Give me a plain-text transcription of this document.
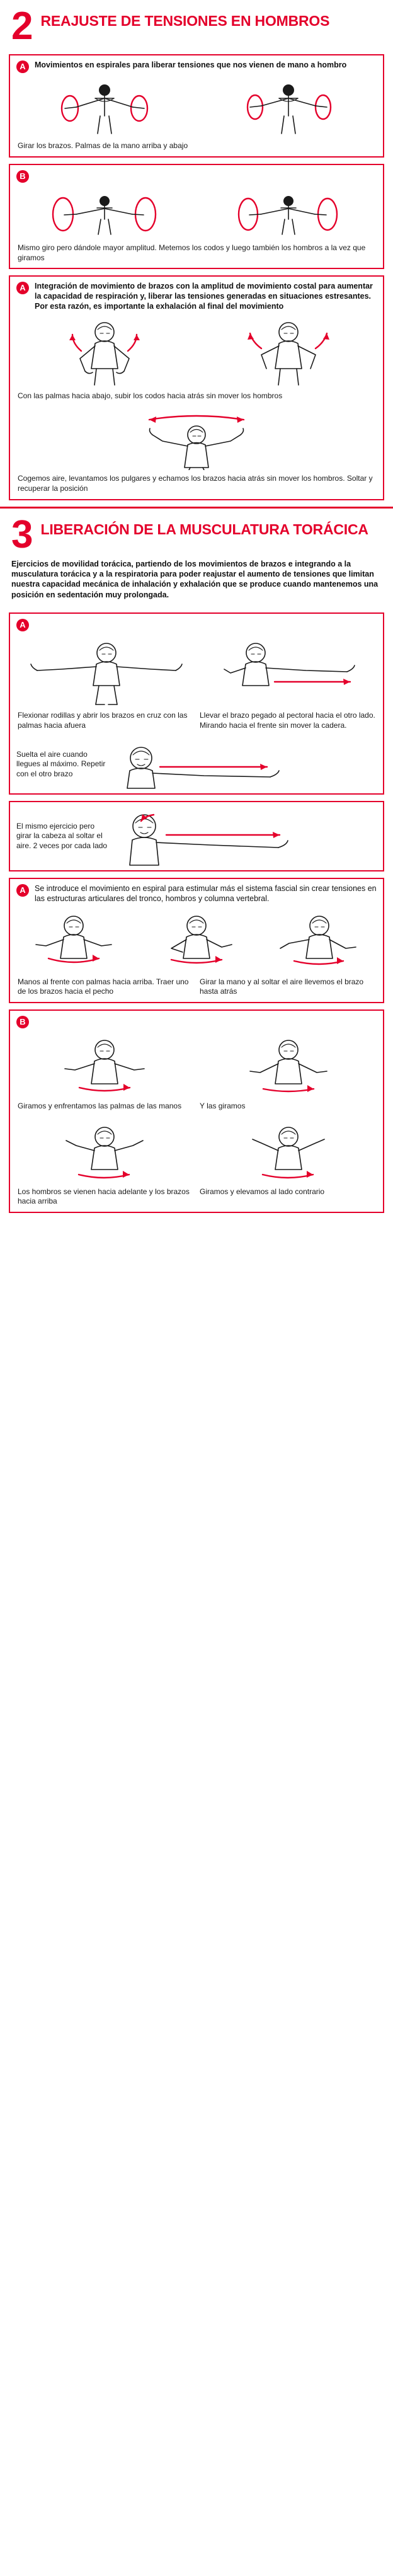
2 REAJUSTE DE TENSIONES EN HOMBROS
A	Movimientos en espirales para liberar tensiones que nos vienen de mano a hombro
Girar los brazos. Palmas de la mano arriba y abajo
B
Mismo giro pero dándole mayor amplitud. Metemos los codos y luego también los hombros a la vez que giramos
A	Integración de movimiento de brazos con la amplitud de movimiento costal para aumentar la capacidad de respiración y, liberar las tensiones generadas en situaciones estresantes. Por esta razón, es importante la exhalación al final del movimiento
Con las palmas hacia abajo, subir los codos hacia atrás sin mover los hombros
Cogemos aire, levantamos los pulgares y echamos los brazos hacia atrás sin mover los hombros. Soltar y recuperar la posición
3 LIBERACIÓN DE LA MUSCULATURA TORÁCICA
Ejercicios de movilidad torácica, partiendo de los movimientos de brazos e integrando a la musculatura torácica y a la respiratoria para poder reajustar el aumento de tensiones que limitan nuestra capacidad mecánica de inhalación y exhalación que se produce cuando mantenemos una posición en sedentación muy prolongada.
A
Flexionar rodillas y abrir los brazos en cruz con las palmas hacia afuera
Llevar el brazo pegado al pectoral hacia el otro lado. Mirando hacia el frente sin mover la cadera.
Suelta el aire cuando llegues al máximo. Repetir con el otro brazo
El mismo ejercicio pero girar la cabeza al soltar el aire. 2 veces por cada lado
A	Se introduce el movimiento en espiral para estimular más el sistema fascial sin crear tensiones en las estructuras articulares del tronco, hombros y columna vertebral.
Manos al frente con palmas hacia arriba. Traer uno de los brazos hacia el pecho
Girar la mano y al soltar el aire llevemos el brazo hasta atrás
B
Giramos y enfrentamos las palmas de las manos	Y las giramos
Los hombros se vienen hacia adelante y los brazos hacia arriba
Giramos y elevamos al lado contrario
